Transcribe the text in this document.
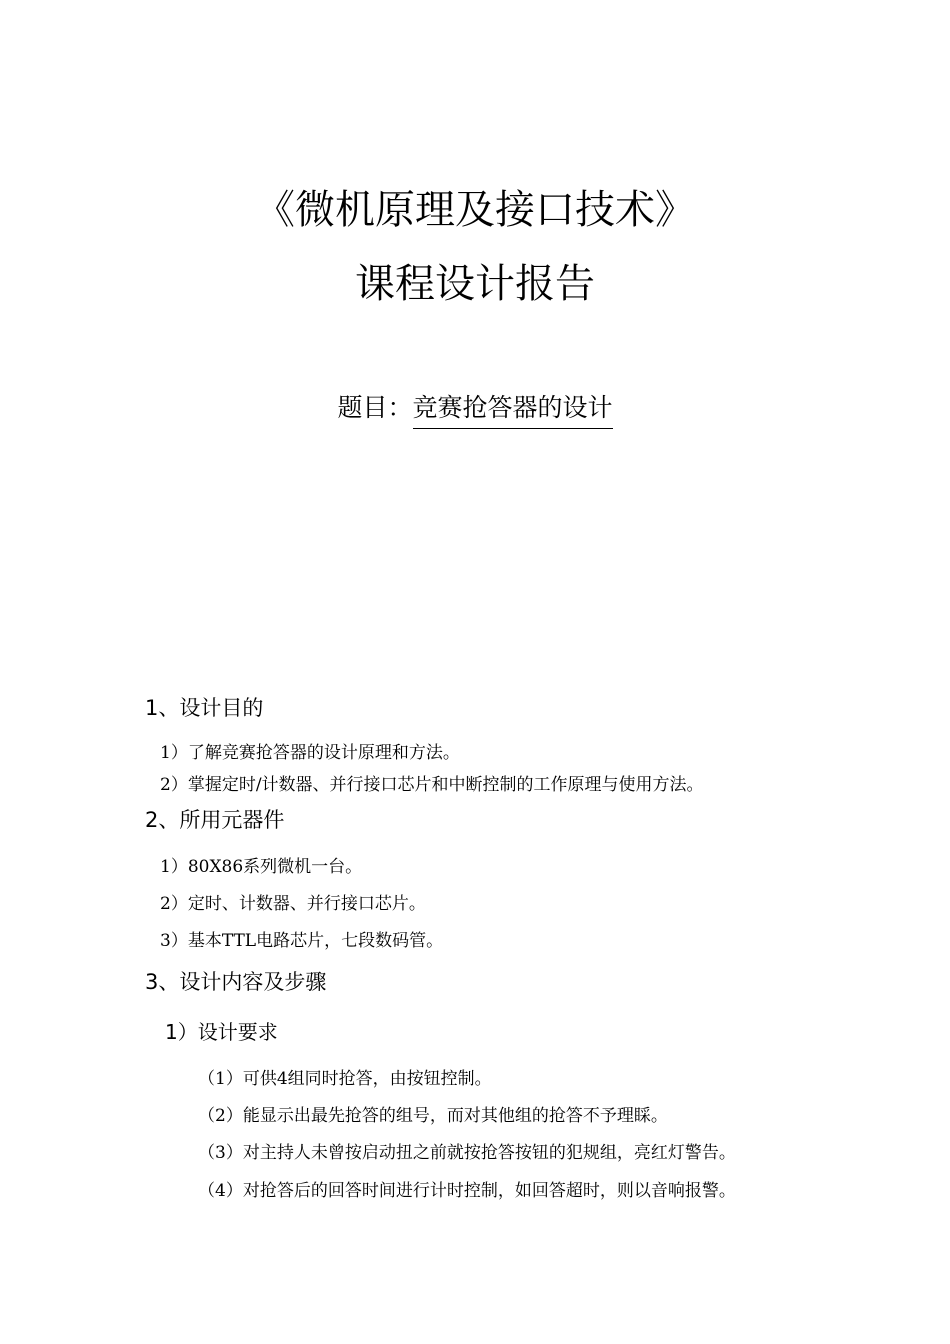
《微机原理及接口技术》
课程设计报告
题目：竞赛抢答器的设计
1、设计目的
1）了解竞赛抢答器的设计原理和方法。
2）掌握定时/计数器、并行接口芯片和中断控制的工作原理与使用方法。
2、所用元器件
1）80X86系列微机一台。
2）定时、计数器、并行接口芯片。
3）基本TTL电路芯片，七段数码管。
3、设计内容及步骤
1）设计要求
（1）可供4组同时抢答，由按钮控制。
（2）能显示出最先抢答的组号，而对其他组的抢答不予理睬。
（3）对主持人未曾按启动扭之前就按抢答按钮的犯规组，亮红灯警告。
（4）对抢答后的回答时间进行计时控制，如回答超时，则以音响报警。
